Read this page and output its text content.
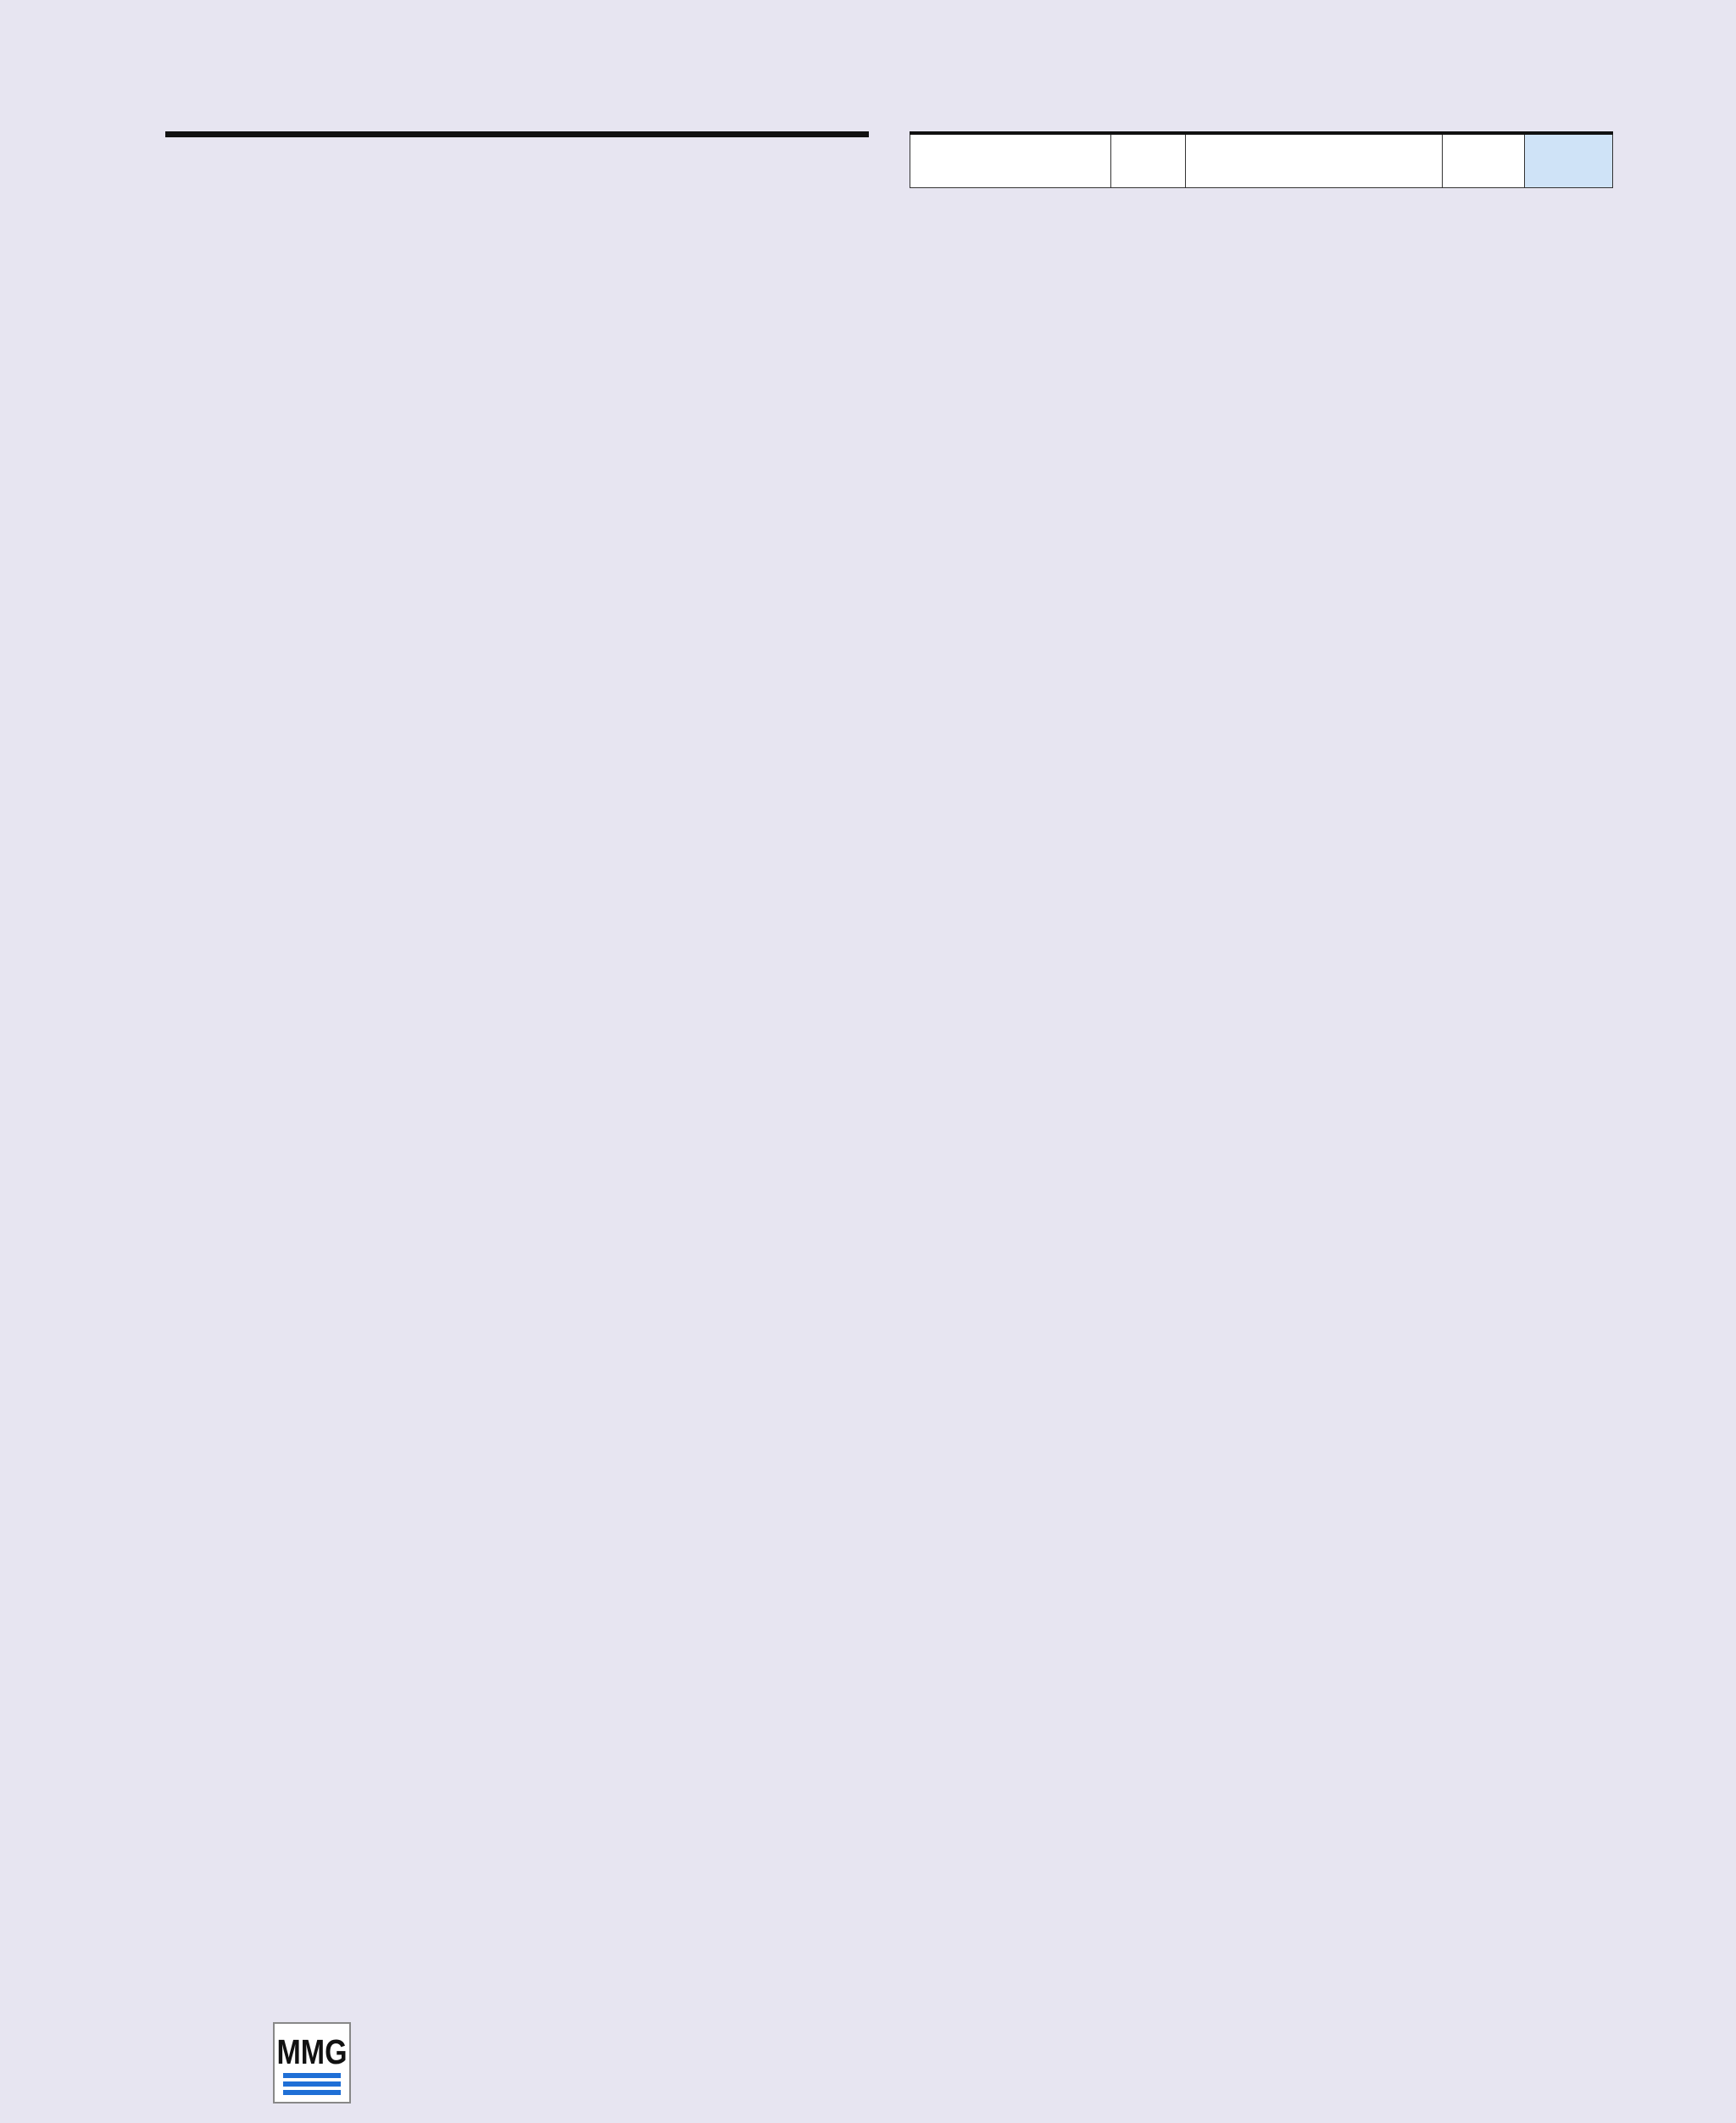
MMG
